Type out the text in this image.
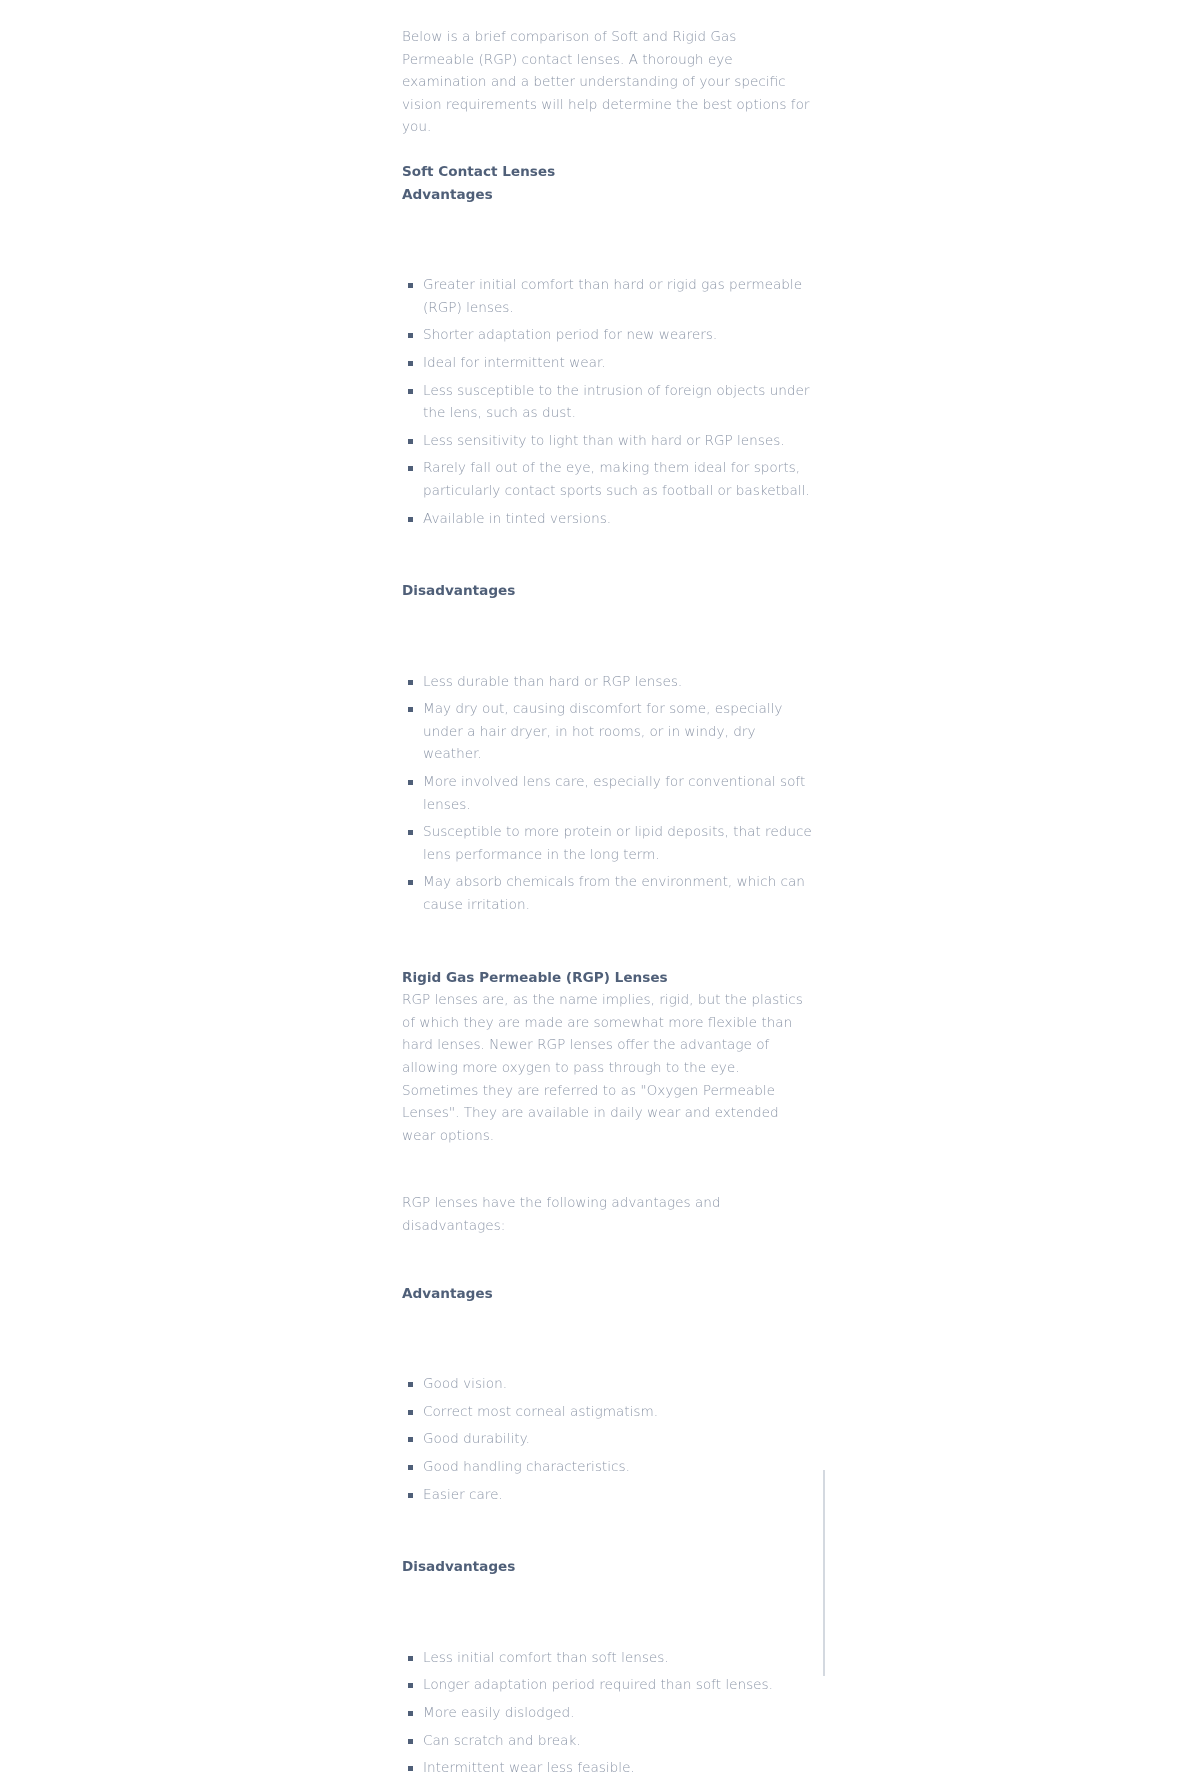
Below is a brief comparison of Soft and Rigid Gas Permeable (RGP) contact lenses. A thorough eye examination and a better understanding of your specific vision requirements will help determine the best options for you.

Soft Contact Lenses
Advantages
Greater initial comfort than hard or rigid gas permeable (RGP) lenses.
Shorter adaptation period for new wearers.
Ideal for intermittent wear.
Less susceptible to the intrusion of foreign objects under the lens, such as dust.
Less sensitivity to light than with hard or RGP lenses.
Rarely fall out of the eye, making them ideal for sports, particularly contact sports such as football or basketball.
Available in tinted versions.
Disadvantages
Less durable than hard or RGP lenses.
May dry out, causing discomfort for some, especially under a hair dryer, in hot rooms, or in windy, dry weather.
More involved lens care, especially for conventional soft lenses.
Susceptible to more protein or lipid deposits, that reduce lens performance in the long term.
May absorb chemicals from the environment, which can cause irritation.
Rigid Gas Permeable (RGP) Lenses

RGP lenses are, as the name implies, rigid, but the plastics of which they are made are somewhat more flexible than hard lenses. Newer RGP lenses offer the advantage of allowing more oxygen to pass through to the eye. Sometimes they are referred to as "Oxygen Permeable Lenses". They are available in daily wear and extended wear options.

RGP lenses have the following advantages and disadvantages:

Advantages
Good vision.
Correct most corneal astigmatism.
Good durability.
Good handling characteristics.
Easier care.
Disadvantages
Less initial comfort than soft lenses.
Longer adaptation period required than soft lenses.
More easily dislodged.
Can scratch and break.
Intermittent wear less feasible.
